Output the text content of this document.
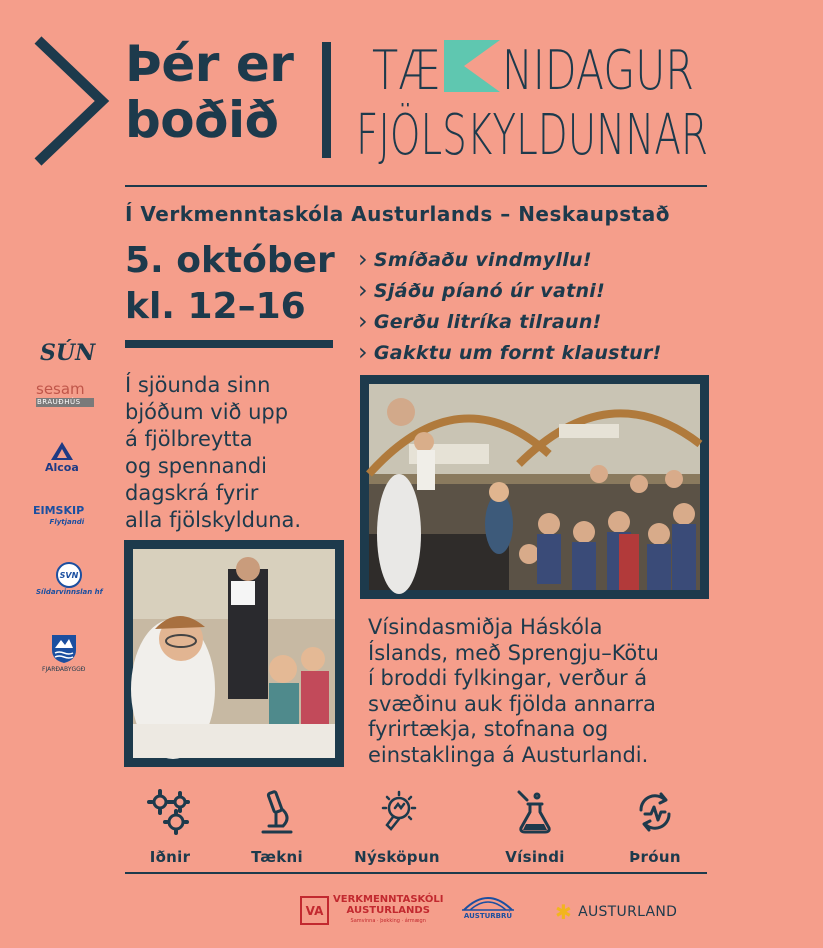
Þér er
boðið
TÆ NIDAGUR
FJÖLSKYLDUNNAR
Í Verkmenntaskóla Austurlands – Neskaupstað
5. október
kl. 12–16
› Smíðaðu vindmyllu!
› Sjáðu píanó úr vatni!
› Gerðu litríka tilraun!
› Gakktu um fornt klaustur!
Í sjöunda sinn
bjóðum við upp
á fjölbreytta
og spennandi
dagskrá fyrir
alla fjölskylduna.
Vísindasmiðja Háskóla
Íslands, með Sprengju–Kötu
í broddi fylkingar, verður á
svæðinu auk fjölda annarra
fyrirtækja, stofnana og
einstaklinga á Austurlandi.
SÚN
sesam
BRAUÐHÚS
Alcoa
EIMSKIP
Flytjandi
SVN
Síldarvinnslan hf
FJARÐABYGGÐ
Iðnir	Tækni	Nýsköpun	Vísindi	Þróun
VA
VERKMENNTASKÓLI
AUSTURLANDS
Samvinna · þekking · ármægn
AUSTURBRÚ ✱ AUSTURLAND
